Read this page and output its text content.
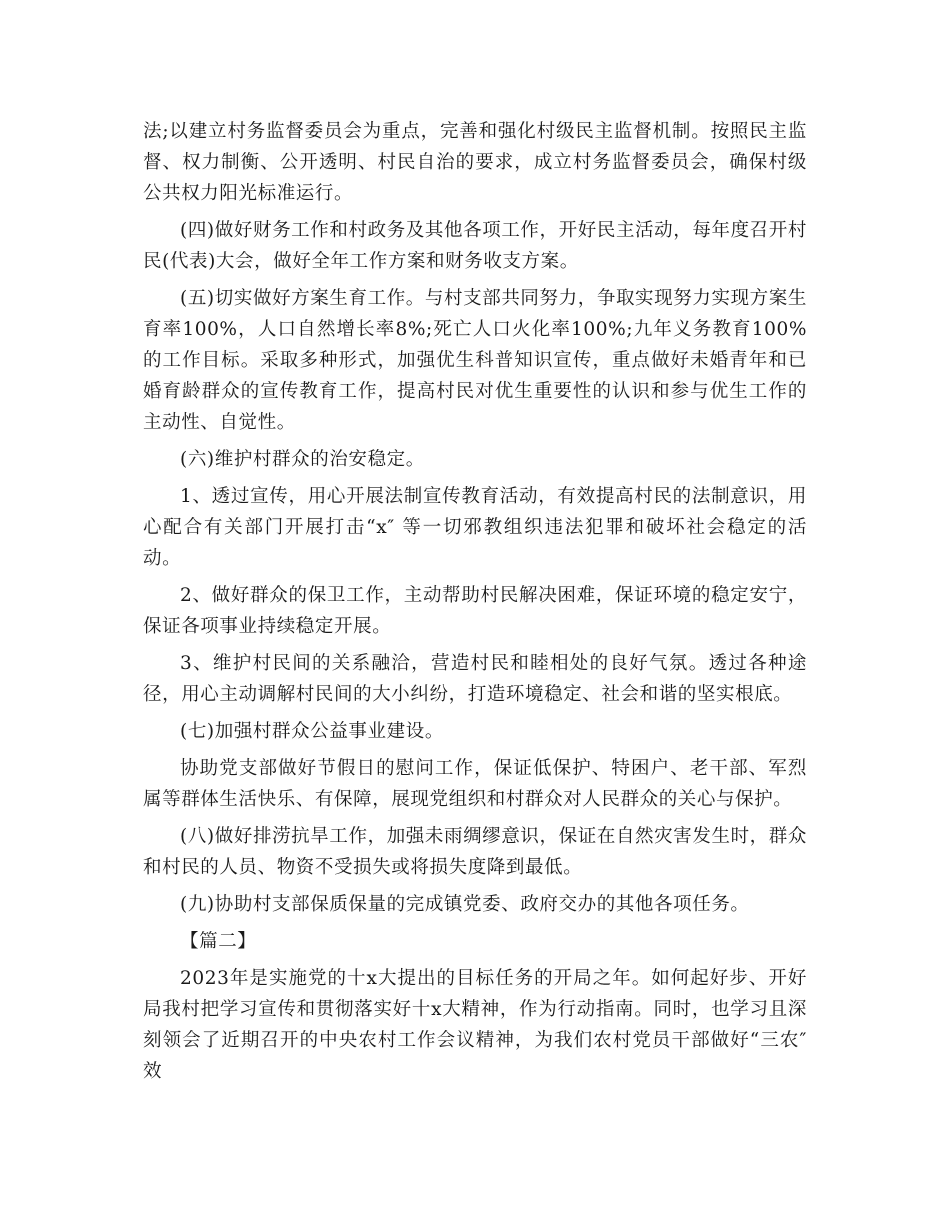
法;以建立村务监督委员会为重点，完善和强化村级民主监督机制。按照民主监督、权力制衡、公开透明、村民自治的要求，成立村务监督委员会，确保村级公共权力阳光标准运行。

(四)做好财务工作和村政务及其他各项工作，开好民主活动，每年度召开村民(代表)大会，做好全年工作方案和财务收支方案。

(五)切实做好方案生育工作。与村支部共同努力，争取实现努力实现方案生育率100%，人口自然增长率8%;死亡人口火化率100%;九年义务教育100%的工作目标。采取多种形式，加强优生科普知识宣传，重点做好未婚青年和已婚育龄群众的宣传教育工作，提高村民对优生重要性的认识和参与优生工作的主动性、自觉性。

(六)维护村群众的治安稳定。

1、透过宣传，用心开展法制宣传教育活动，有效提高村民的法制意识，用心配合有关部门开展打击“x″ 等一切邪教组织违法犯罪和破坏社会稳定的活动。

2、做好群众的保卫工作，主动帮助村民解决困难，保证环境的稳定安宁，保证各项事业持续稳定开展。

3、维护村民间的关系融洽，营造村民和睦相处的良好气氛。透过各种途径，用心主动调解村民间的大小纠纷，打造环境稳定、社会和谐的坚实根底。

(七)加强村群众公益事业建设。

协助党支部做好节假日的慰问工作，保证低保护、特困户、老干部、军烈属等群体生活快乐、有保障，展现党组织和村群众对人民群众的关心与保护。

(八)做好排涝抗旱工作，加强未雨绸缪意识，保证在自然灾害发生时，群众和村民的人员、物资不受损失或将损失度降到最低。

(九)协助村支部保质保量的完成镇党委、政府交办的其他各项任务。

【篇二】

2023年是实施党的十x大提出的目标任务的开局之年。如何起好步、开好局我村把学习宣传和贯彻落实好十x大精神，作为行动指南。同时，也学习且深刻领会了近期召开的中央农村工作会议精神，为我们农村党员干部做好“三农″ 效
